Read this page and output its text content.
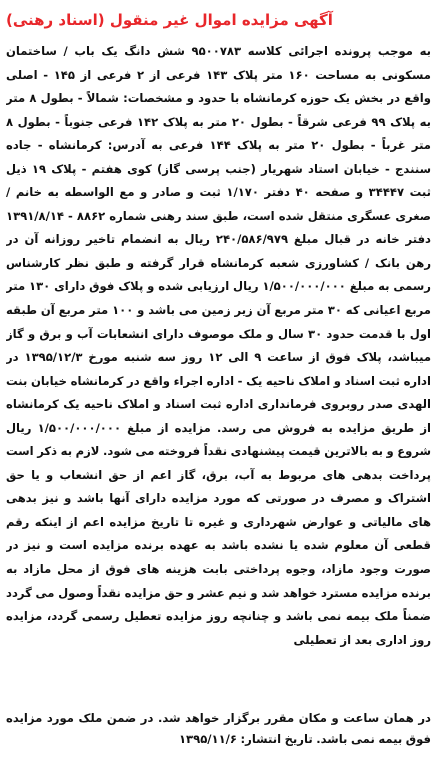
آگهی مزایده اموال غیر منقول (اسناد رهنی)

به موجب پرونده اجرائی کلاسه ۹۵۰۰۷۸۳ شش دانگ یک باب / ساختمان مسکونی به مساحت ۱۶۰ متر پلاک ۱۴۳ فرعی از ۲ فرعی از ۱۴۵ - اصلی واقع در بخش یک حوزه کرمانشاه با حدود و مشخصات: شمالاً - بطول ۸ متر به پلاک ۹۹ فرعی شرقاً - بطول ۲۰ متر به پلاک ۱۴۲ فرعی جنوباً - بطول ۸ متر غرباً - بطول ۲۰ متر به پلاک ۱۴۴ فرعی به آدرس: کرمانشاه - جاده سنندج - خیابان استاد شهریار (جنب پرسی گاز) کوی هفتم - پلاک ۱۹ ذیل ثبت ۳۴۴۴۷ و صفحه ۴۰ دفتر ۱/۱۷۰ ثبت و صادر و مع الواسطه به خانم / صغری عسگری منتقل شده است، طبق سند رهنی شماره ۸۸۶۲ - ۱۳۹۱/۸/۱۴ دفتر خانه در قبال مبلغ ۲۴۰/۵۸۶/۹۷۹ ریال به انضمام تاخیر روزانه آن در رهن بانک / کشاورزی شعبه کرمانشاه قرار گرفته و طبق نظر کارشناس رسمی به مبلغ ۱/۵۰۰/۰۰۰/۰۰۰ ریال ارزیابی شده و پلاک فوق دارای ۱۳۰ متر مربع اعیانی که ۳۰ متر مربع آن زیر زمین می باشد و ۱۰۰ متر مربع آن طبقه اول با قدمت حدود ۳۰ سال و ملک موصوف دارای انشعابات آب و برق و گاز میباشد، پلاک فوق از ساعت ۹ الی ۱۲ روز سه شنبه مورخ ۱۳۹۵/۱۲/۳ در اداره ثبت اسناد و املاک ناحیه یک - اداره اجراء واقع در کرمانشاه خیابان بنت الهدی صدر روبروی فرمانداری اداره ثبت اسناد و املاک ناحیه یک کرمانشاه از طریق مزایده به فروش می رسد. مزایده از مبلغ ۱/۵۰۰/۰۰۰/۰۰۰ ریال شروع و به بالاترین قیمت پیشنهادی نقداً فروخته می شود. لازم به ذکر است پرداخت بدهی های مربوط به آب، برق، گاز اعم از حق انشعاب و یا حق اشتراک و مصرف در صورتی که مورد مزایده دارای آنها باشد و نیز بدهی های مالیاتی و عوارض شهرداری و غیره تا تاریخ مزایده اعم از اینکه رقم قطعی آن معلوم شده یا نشده باشد به عهده برنده مزایده است و نیز در صورت وجود مازاد، وجوه پرداختی بابت هزینه های فوق از محل مازاد به برنده مزایده مسترد خواهد شد و نیم عشر و حق مزایده نقداً وصول می گردد ضمناً ملک بیمه نمی باشد و چنانچه روز مزایده تعطیل رسمی گردد، مزایده روز اداری بعد از تعطیلی

در همان ساعت و مکان مقرر برگزار خواهد شد. در ضمن ملک مورد مزایده فوق بیمه نمی باشد. تاریخ انتشار: ۱۳۹۵/۱۱/۶
